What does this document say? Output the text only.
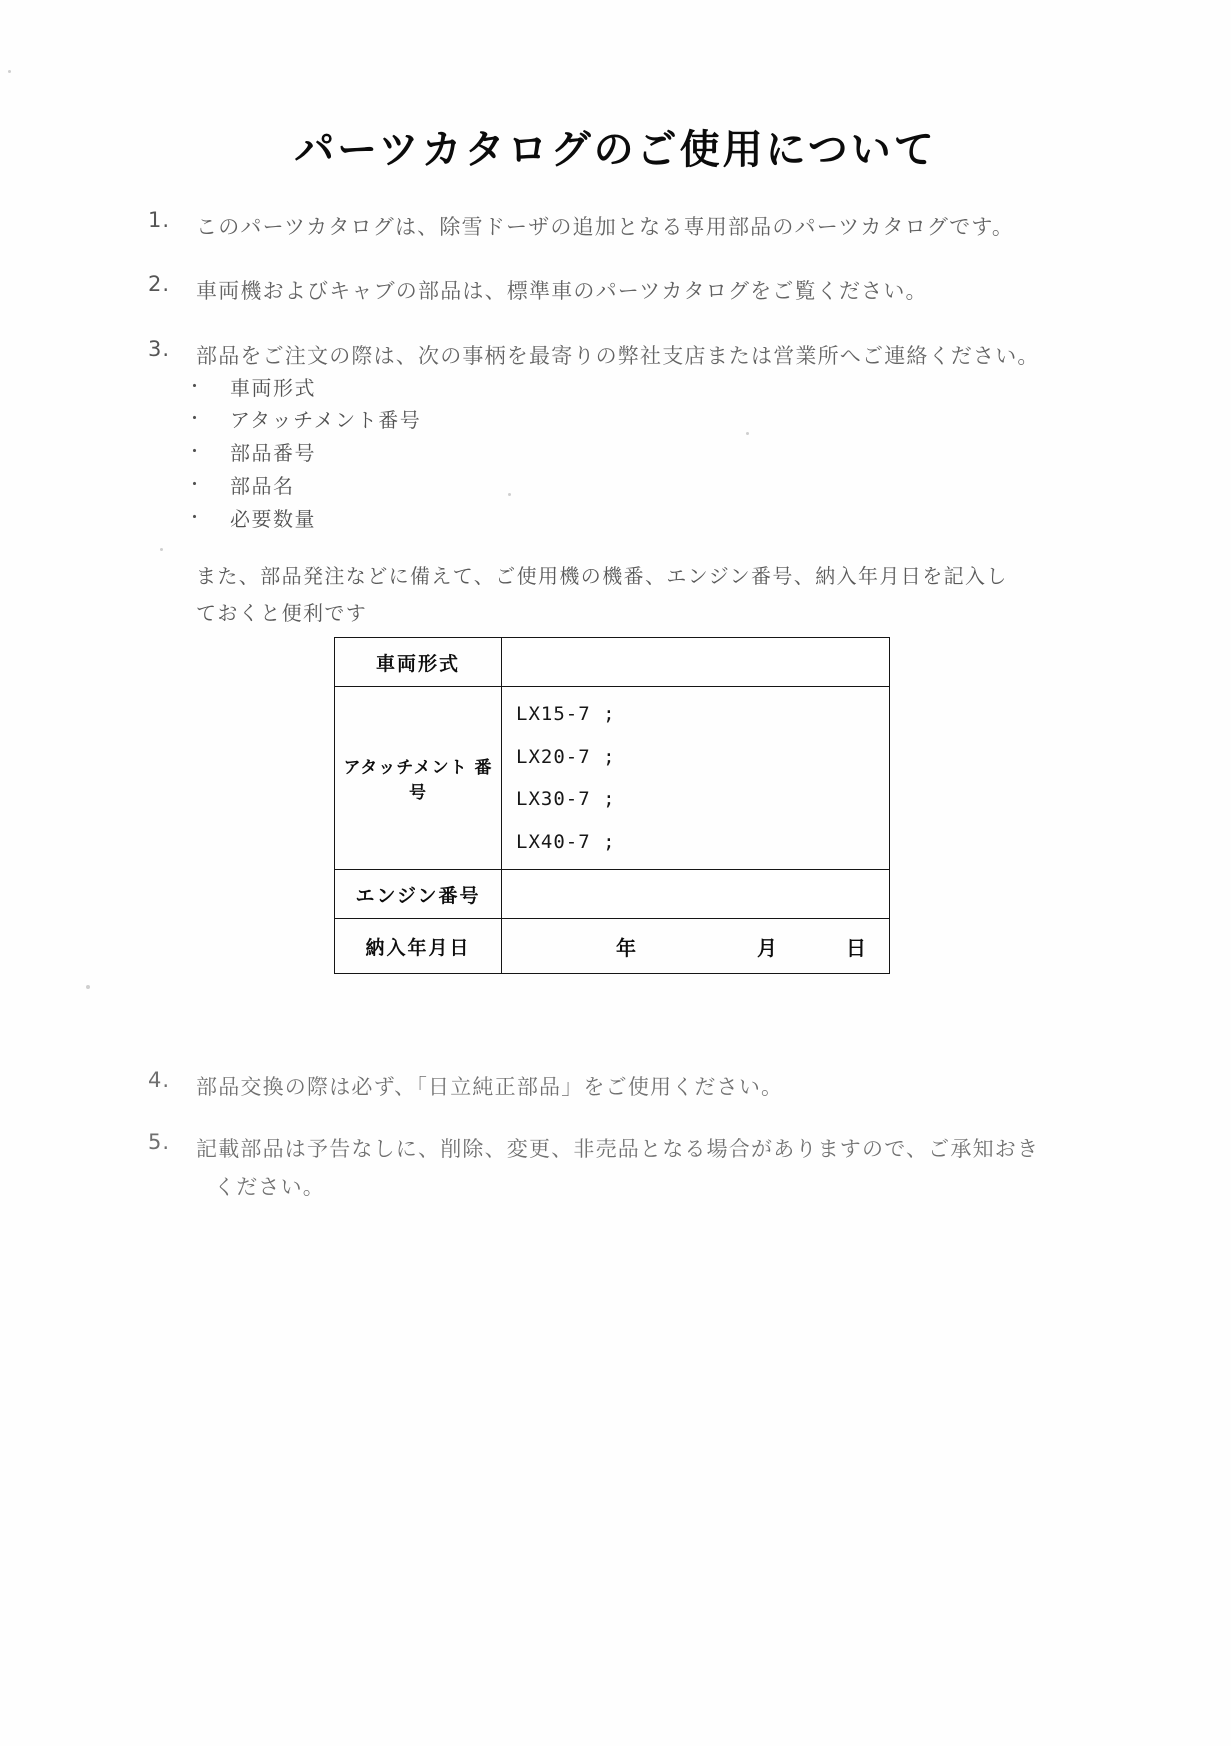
パーツカタログのご使用について
1. このパーツカタログは、除雪ドーザの追加となる専用部品のパーツカタログです。
2. 車両機およびキャブの部品は、標準車のパーツカタログをご覧ください。
3. 部品をご注文の際は、次の事柄を最寄りの弊社支店または営業所へご連絡ください。
・ 車両形式
・ アタッチメント番号
・ 部品番号
・ 部品名
・ 必要数量
また、部品発注などに備えて、ご使用機の機番、エンジン番号、納入年月日を記入し
ておくと便利です
車両形式	
アタッチメント 番号	LX15-7 ;
LX20-7 ;
LX30-7 ;
LX40-7 ;

エンジン番号	
納入年月日	年 月 日
4. 部品交換の際は必ず、「日立純正部品」をご使用ください。
5. 記載部品は予告なしに、削除、変更、非売品となる場合がありますので、ご承知おき
ください。
